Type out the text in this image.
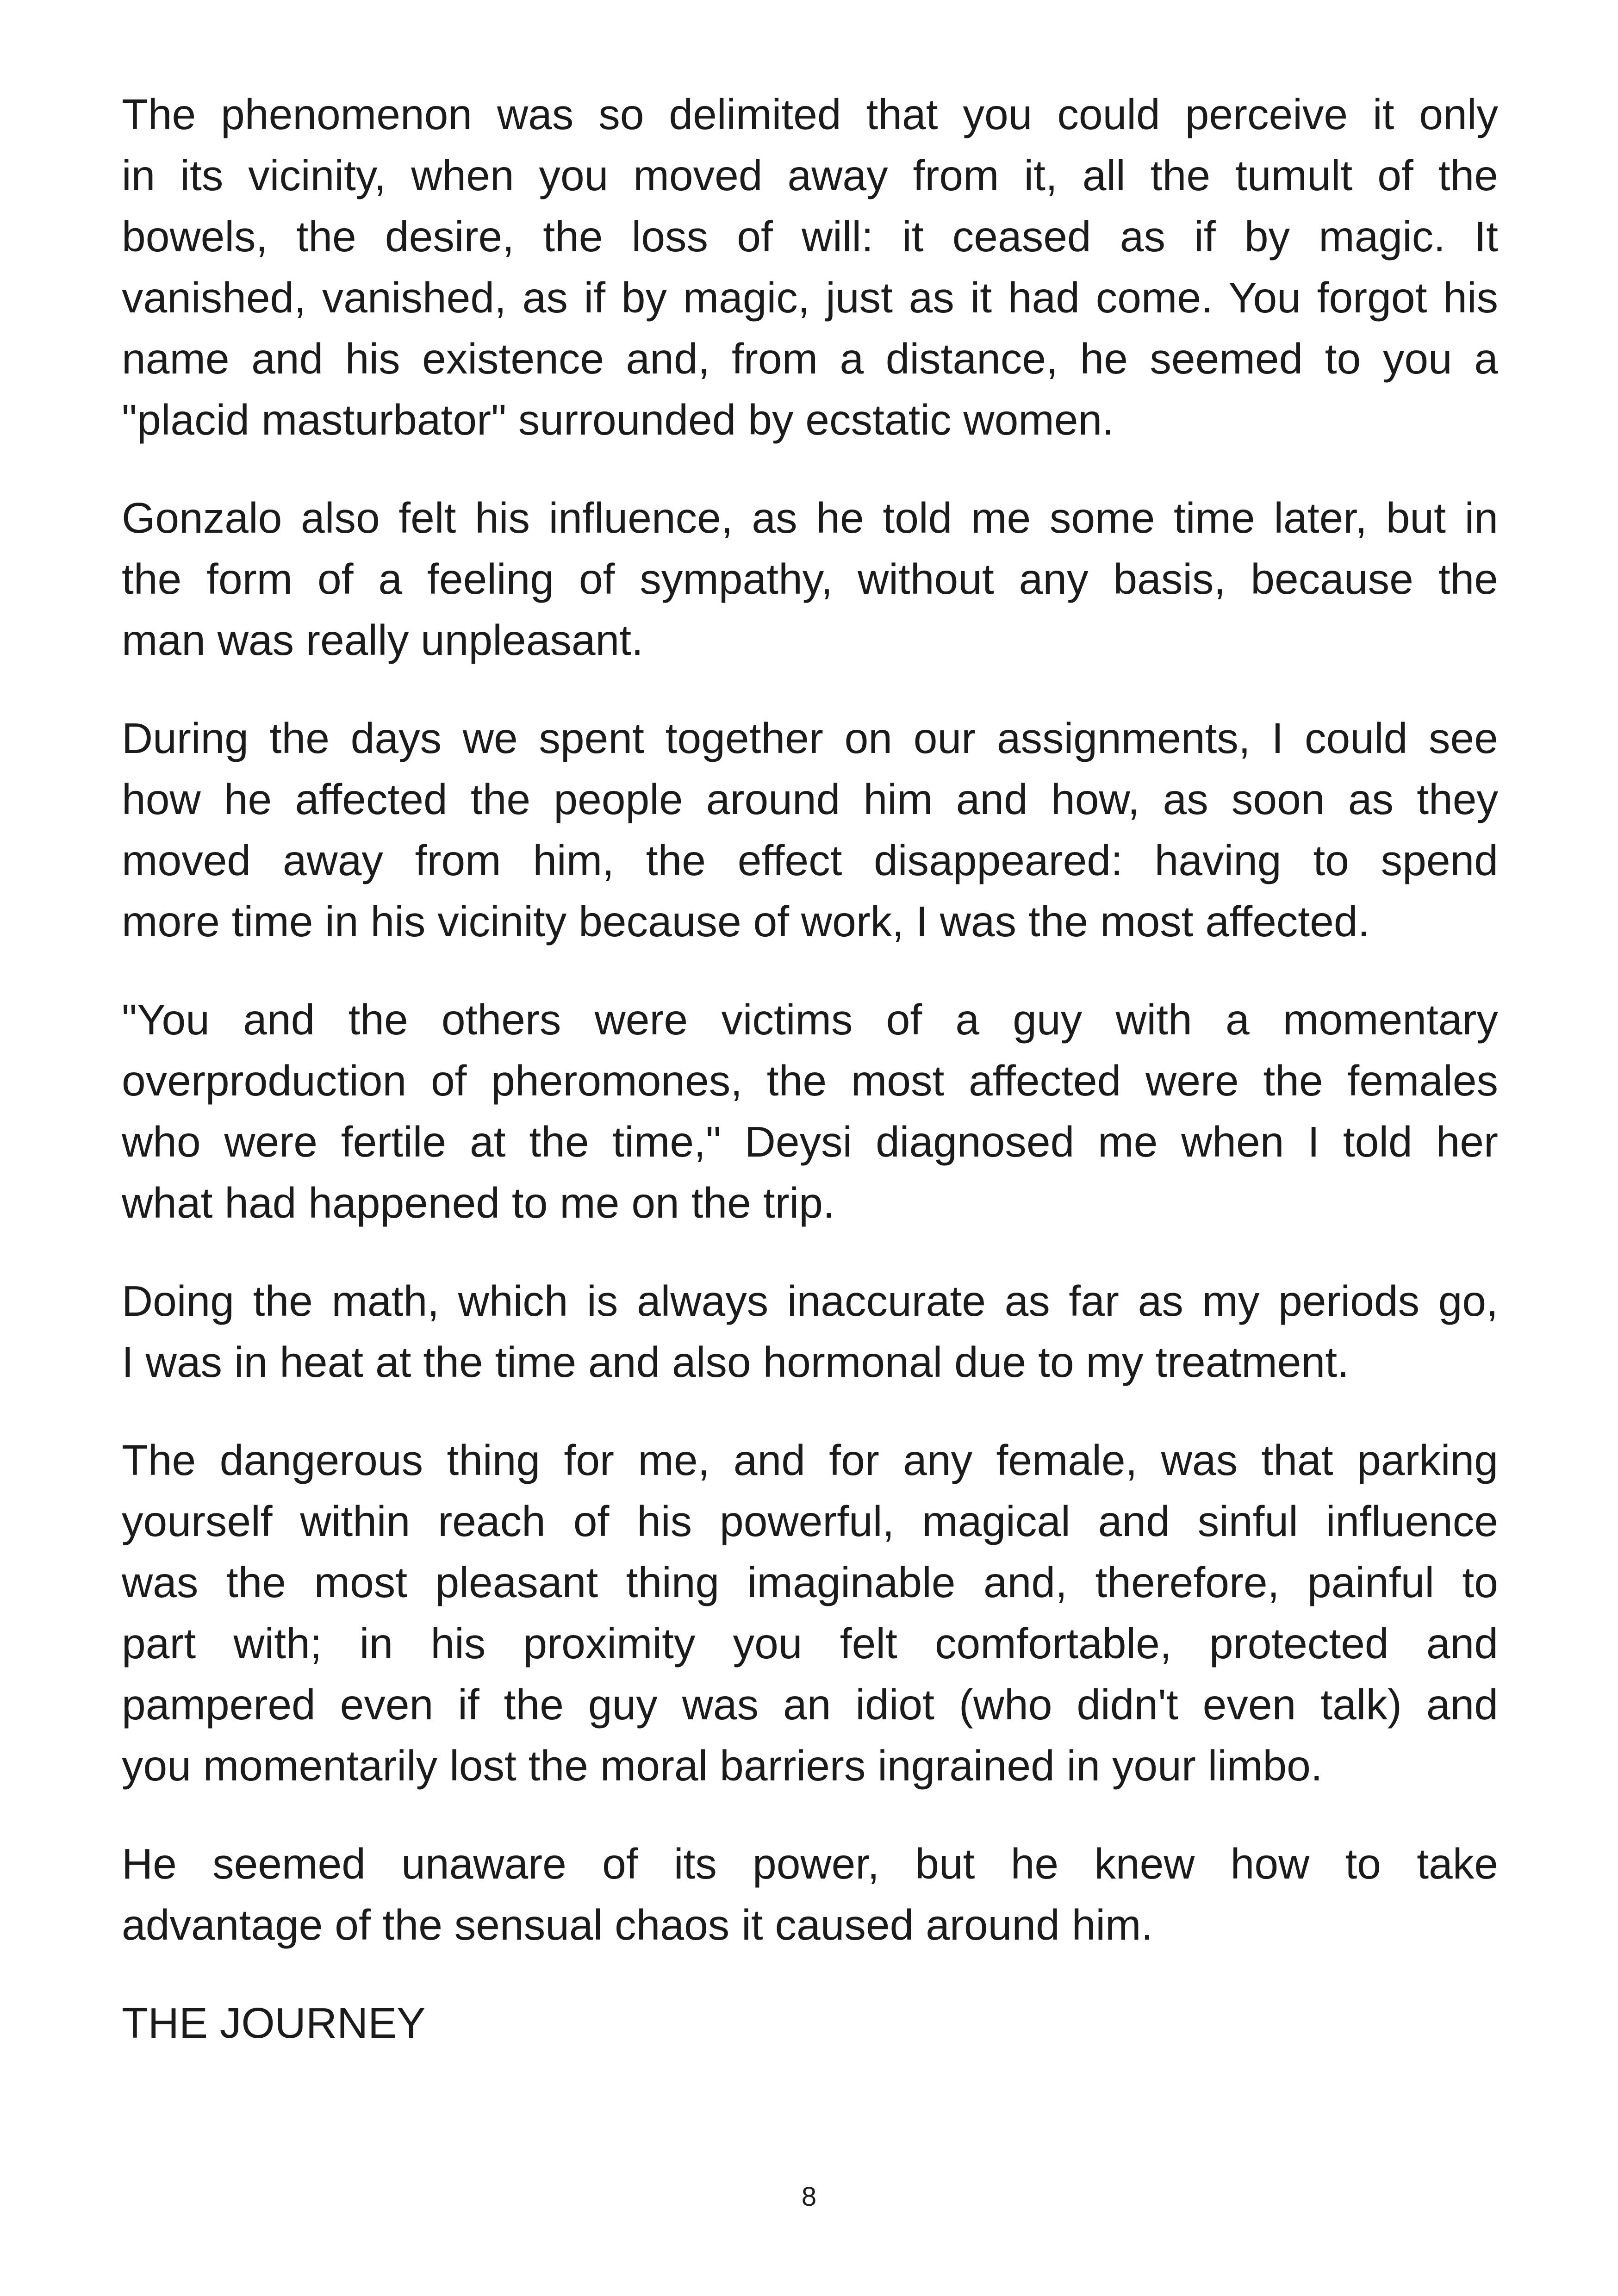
The phenomenon was so delimited that you could perceive it only
in its vicinity, when you moved away from it, all the tumult of the
bowels, the desire, the loss of will: it ceased as if by magic. It
vanished, vanished, as if by magic, just as it had come. You forgot his
name and his existence and, from a distance, he seemed to you a
"placid masturbator" surrounded by ecstatic women.
Gonzalo also felt his influence, as he told me some time later, but in
the form of a feeling of sympathy, without any basis, because the
man was really unpleasant.
During the days we spent together on our assignments, I could see
how he affected the people around him and how, as soon as they
moved away from him, the effect disappeared: having to spend
more time in his vicinity because of work, I was the most affected.
"You and the others were victims of a guy with a momentary
overproduction of pheromones, the most affected were the females
who were fertile at the time," Deysi diagnosed me when I told her
what had happened to me on the trip.
Doing the math, which is always inaccurate as far as my periods go,
I was in heat at the time and also hormonal due to my treatment.
The dangerous thing for me, and for any female, was that parking
yourself within reach of his powerful, magical and sinful influence
was the most pleasant thing imaginable and, therefore, painful to
part with; in his proximity you felt comfortable, protected and
pampered even if the guy was an idiot (who didn't even talk) and
you momentarily lost the moral barriers ingrained in your limbo.
He seemed unaware of its power, but he knew how to take
advantage of the sensual chaos it caused around him.
THE JOURNEY
8
